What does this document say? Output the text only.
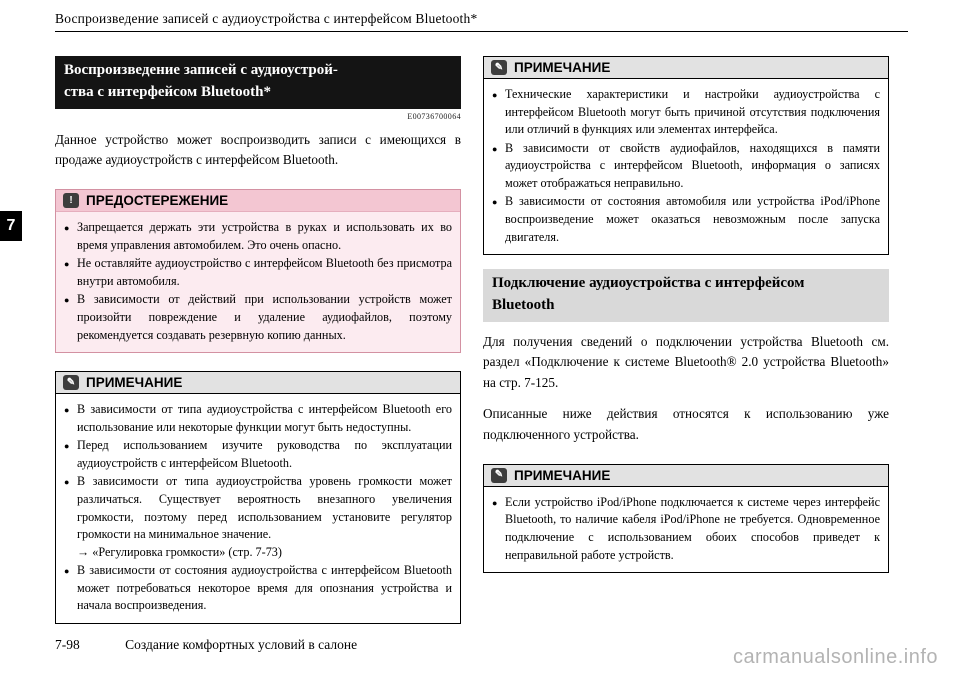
Воспроизведение записей с аудиоустройства с интерфейсом Bluetooth*
7
Воспроизведение записей с аудиоустрой-
ства с интерфейсом Bluetooth*
E00736700064

Данное устройство может воспроизводить записи с имеющихся в продаже аудиоустройств с интерфейсом Bluetooth.

! ПРЕДОСТЕРЕЖЕНИЕ
● Запрещается держать эти устройства в руках и использовать их во время управления автомобилем. Это очень опасно.
● Не оставляйте аудиоустройство с интерфейсом Bluetooth без присмотра внутри автомобиля.
● В зависимости от действий при использовании устройств может произойти повреждение и удаление аудиофайлов, поэтому рекомендуется создавать резервную копию данных.
✎ ПРИМЕЧАНИЕ
● В зависимости от типа аудиоустройства с интерфейсом Bluetooth его использование или некоторые функции могут быть недоступны.
● Перед использованием изучите руководства по эксплуатации аудиоустройств с интерфейсом Bluetooth.
● В зависимости от типа аудиоустройства уровень громкости может различаться. Существует вероятность внезапного увеличения громкости, поэтому перед использованием установите регулятор громкости на минимальное значение.
→ «Регулировка громкости» (стр. 7-73)
● В зависимости от состояния аудиоустройства с интерфейсом Bluetooth может потребоваться некоторое время для опознания устройства и начала воспроизведения.
✎ ПРИМЕЧАНИЕ
● Технические характеристики и настройки аудиоустройства с интерфейсом Bluetooth могут быть причиной отсутствия подключения или отличий в функциях или элементах интерфейса.
● В зависимости от свойств аудиофайлов, находящихся в памяти аудиоустройства с интерфейсом Bluetooth, информация о записях может отображаться неправильно.
● В зависимости от состояния автомобиля или устройства iPod/iPhone воспроизведение может оказаться невозможным после запуска двигателя.
Подключение аудиоустройства с интерфейсом
Bluetooth

Для получения сведений о подключении устройства Bluetooth см. раздел «Подключение к системе Bluetooth® 2.0 устройства Bluetooth» на стр. 7-125.

Описанные ниже действия относятся к использованию уже подключенного устройства.

✎ ПРИМЕЧАНИЕ
● Если устройство iPod/iPhone подключается к системе через интерфейс Bluetooth, то наличие кабеля iPod/iPhone не требуется. Одновременное подключение с использованием обоих способов приведет к неправильной работе устройств.
7-98	Создание комфортных условий в салоне
carmanualsonline.info
